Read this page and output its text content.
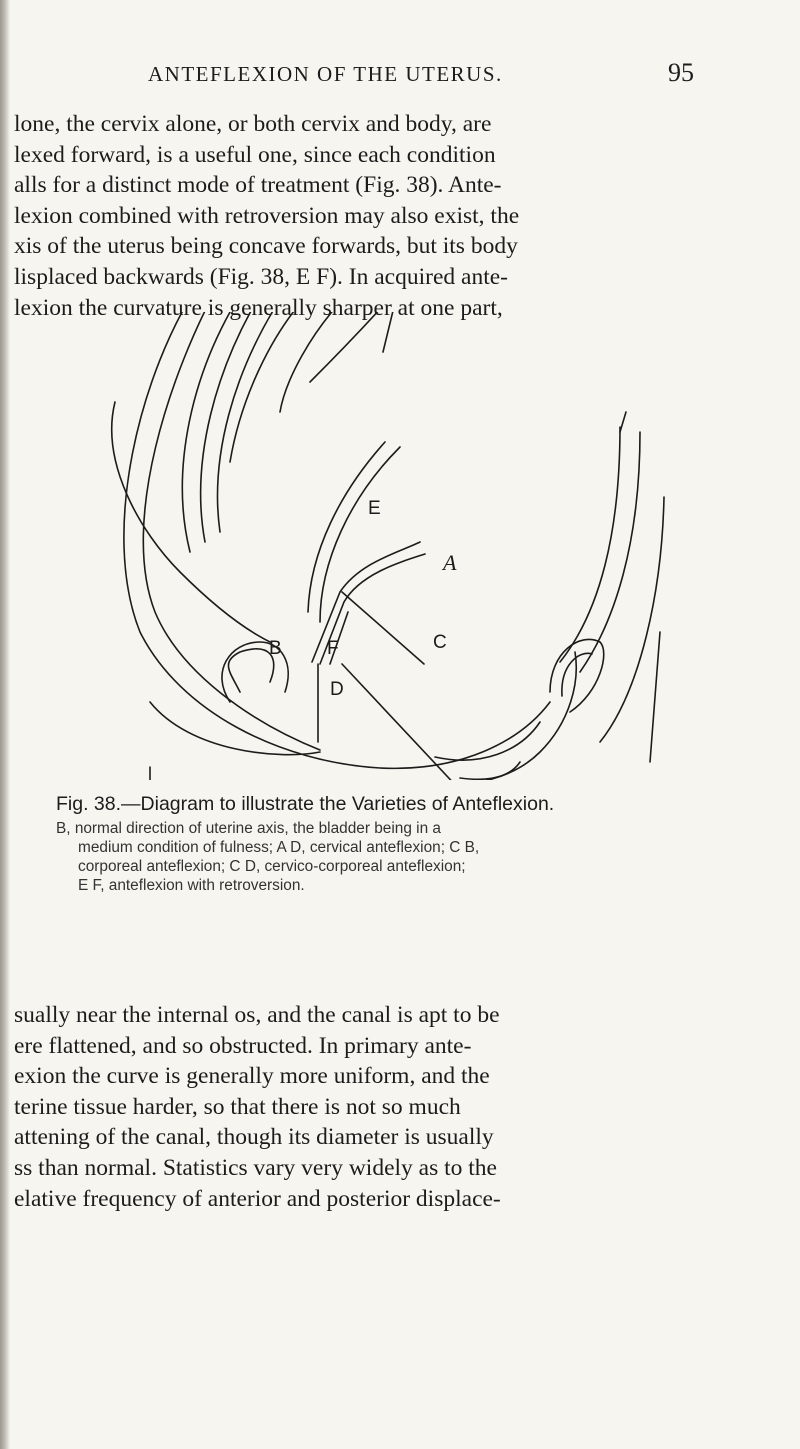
ANTEFLEXION OF THE UTERUS.	95

lone, the cervix alone, or both cervix and body, are
lexed forward, is a useful one, since each condition
alls for a distinct mode of treatment (Fig. 38). Ante-
lexion combined with retroversion may also exist, the
xis of the uterus being concave forwards, but its body
lisplaced backwards (Fig. 38, E F). In acquired ante-
lexion the curvature is generally sharper at one part,

E
A
B F	C
D
Fig. 38.—Diagram to illustrate the Varieties of Anteflexion.
B, normal direction of uterine axis, the bladder being in a
medium condition of fulness; A D, cervical anteflexion; C B,
corporeal anteflexion; C D, cervico-corporeal anteflexion;
E F, anteflexion with retroversion.

sually near the internal os, and the canal is apt to be
ere flattened, and so obstructed. In primary ante-
exion the curve is generally more uniform, and the
terine tissue harder, so that there is not so much
attening of the canal, though its diameter is usually
ss than normal. Statistics vary very widely as to the
elative frequency of anterior and posterior displace-
